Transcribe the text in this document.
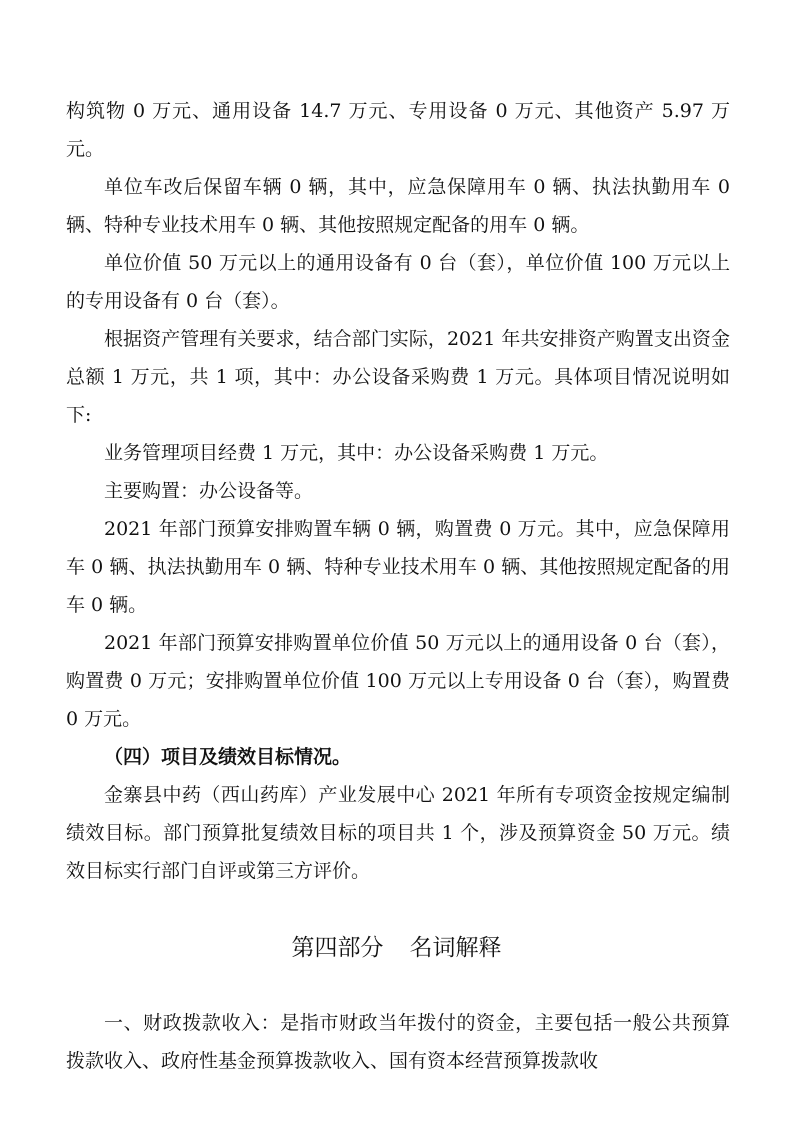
构筑物 0 万元、通用设备 14.7 万元、专用设备 0 万元、其他资产 5.97 万元。

单位车改后保留车辆 0 辆，其中，应急保障用车 0 辆、执法执勤用车 0 辆、特种专业技术用车 0 辆、其他按照规定配备的用车 0 辆。

单位价值 50 万元以上的通用设备有 0 台（套），单位价值 100 万元以上的专用设备有 0 台（套）。

根据资产管理有关要求，结合部门实际，2021 年共安排资产购置支出资金总额 1 万元，共 1 项，其中：办公设备采购费 1 万元。具体项目情况说明如下:

业务管理项目经费 1 万元，其中：办公设备采购费 1 万元。

主要购置：办公设备等。

2021 年部门预算安排购置车辆 0 辆，购置费 0 万元。其中，应急保障用车 0 辆、执法执勤用车 0 辆、特种专业技术用车 0 辆、其他按照规定配备的用车 0 辆。

2021 年部门预算安排购置单位价值 50 万元以上的通用设备 0 台（套），购置费 0 万元；安排购置单位价值 100 万元以上专用设备 0 台（套），购置费 0 万元。

（四）项目及绩效目标情况。

金寨县中药（西山药库）产业发展中心 2021 年所有专项资金按规定编制绩效目标。部门预算批复绩效目标的项目共 1 个，涉及预算资金 50 万元。绩效目标实行部门自评或第三方评价。

第四部分 名词解释

一、财政拨款收入：是指市财政当年拨付的资金，主要包括一般公共预算拨款收入、政府性基金预算拨款收入、国有资本经营预算拨款收
